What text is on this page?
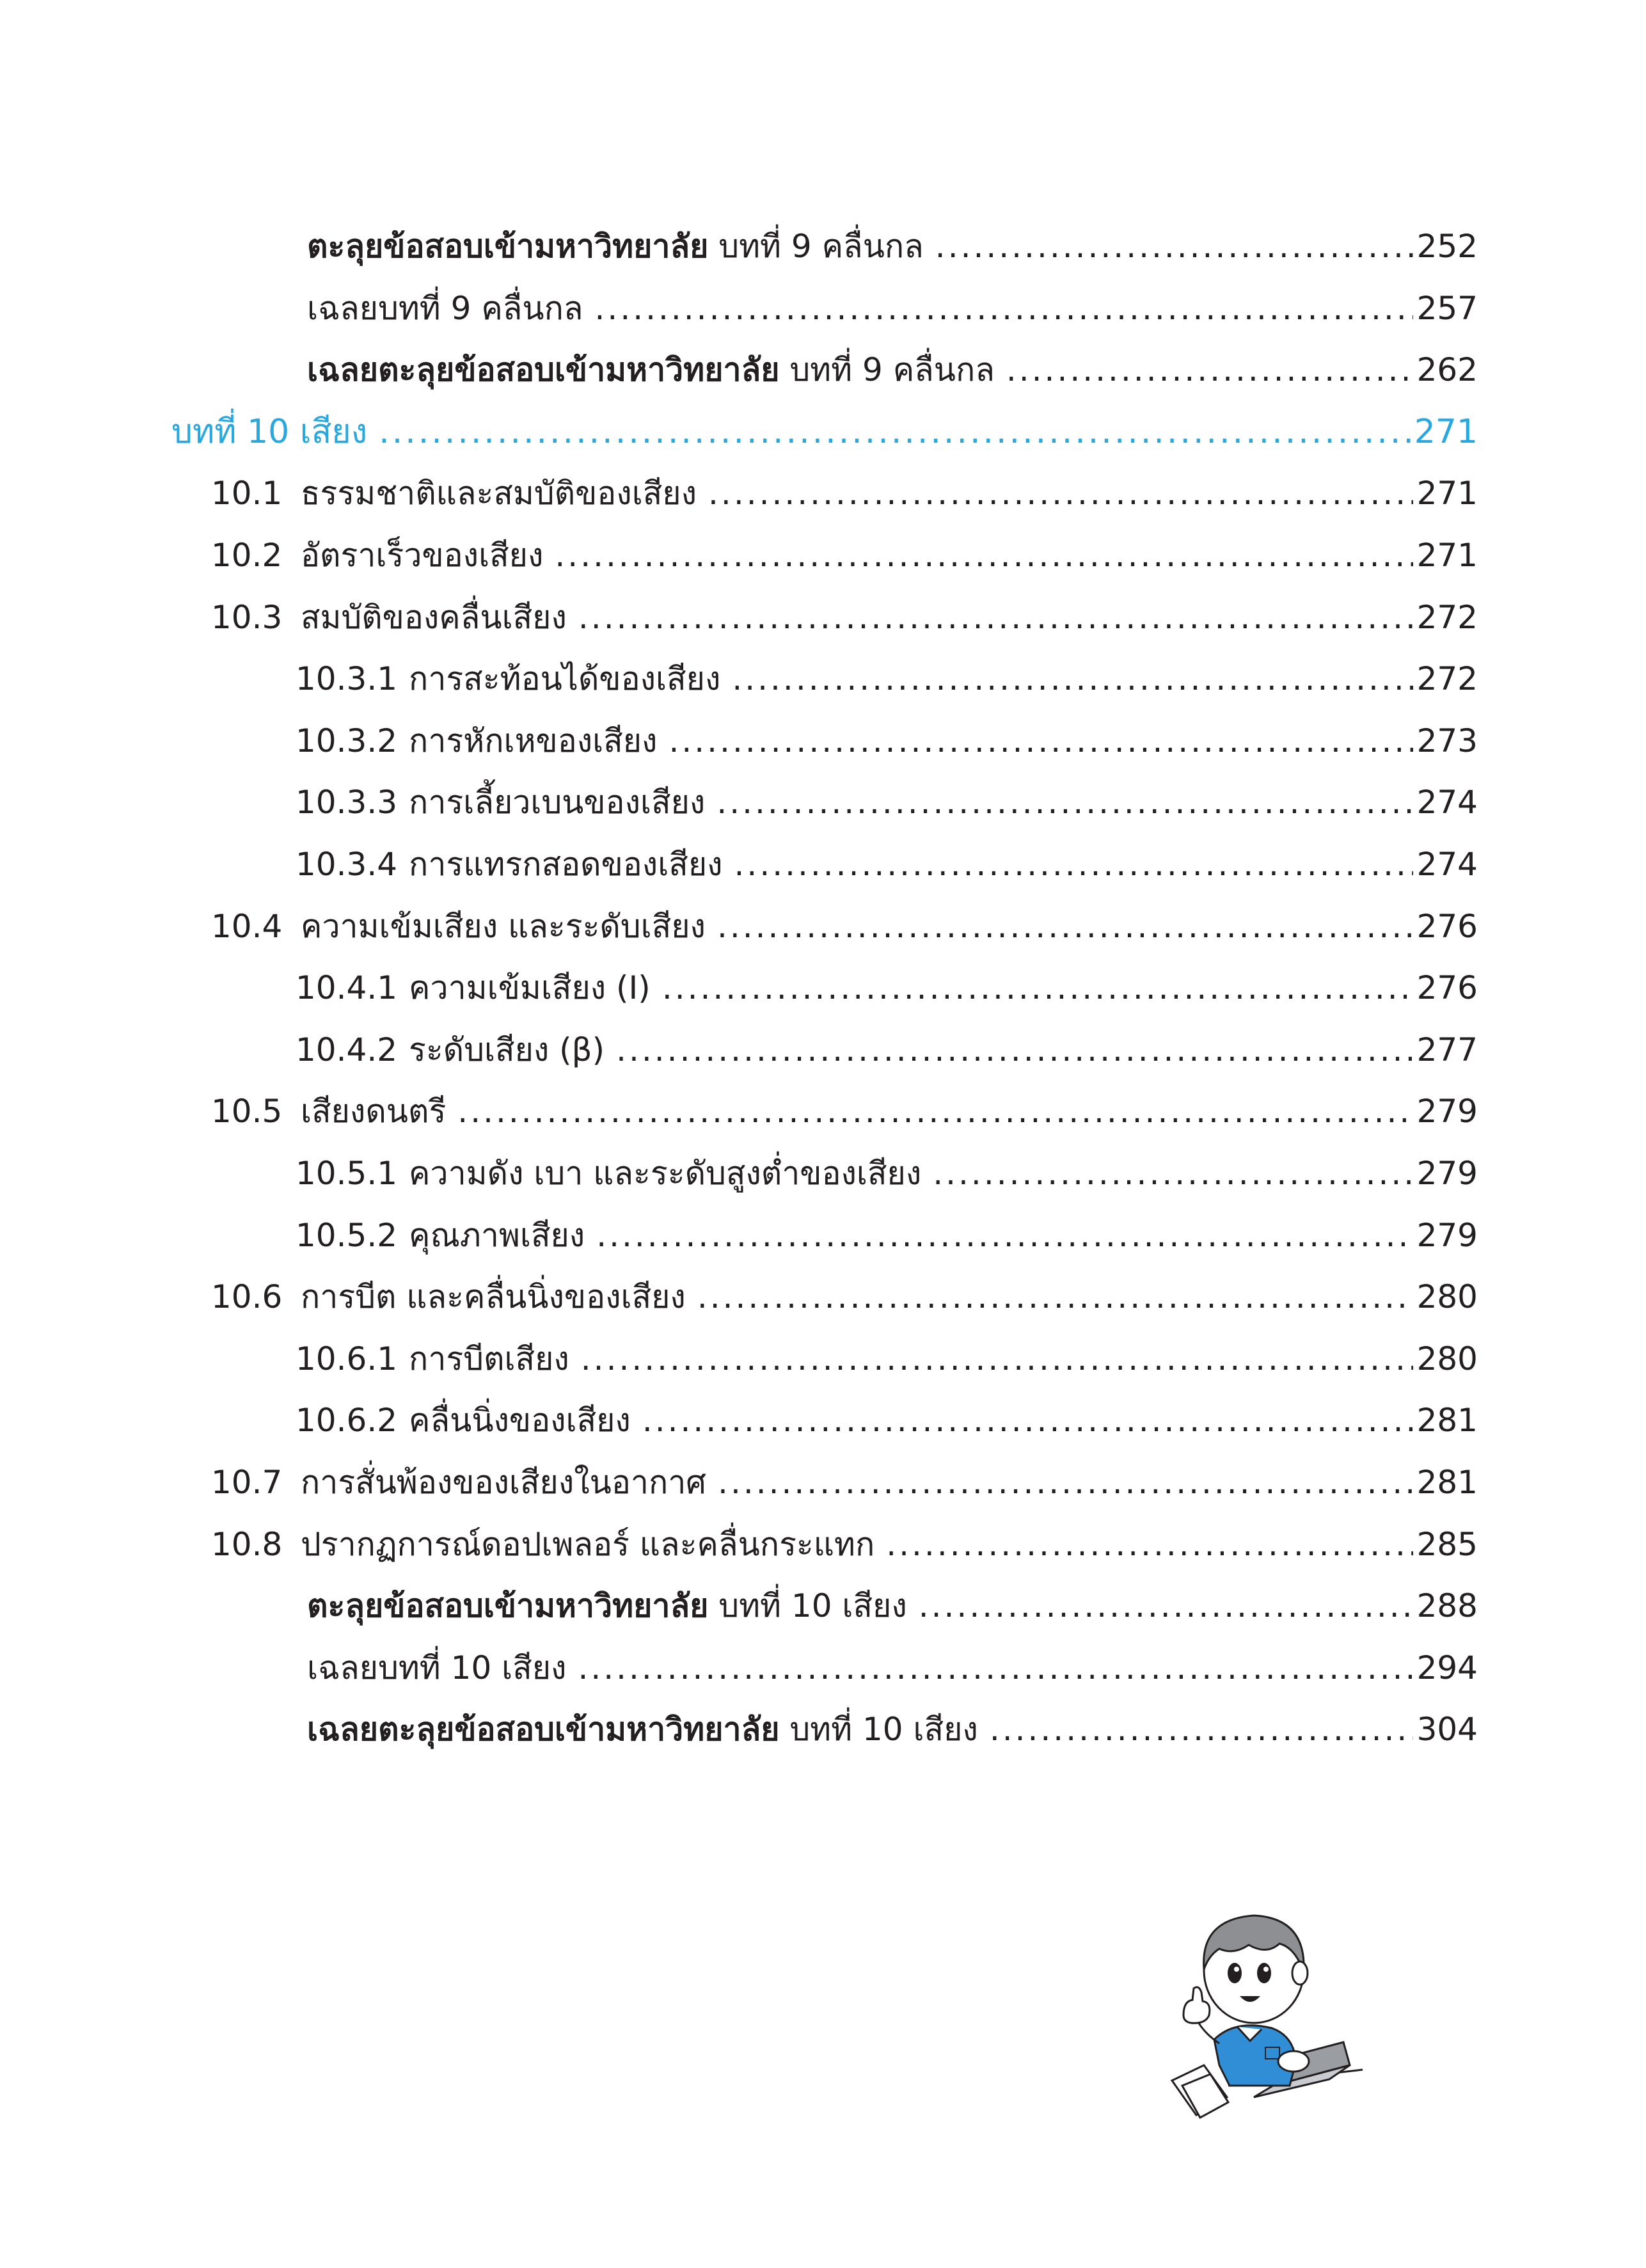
ตะลุยข้อสอบเข้ามหาวิทยาลัย บทที่ 9 คลื่นกล .....	252
เฉลยบทที่ 9 คลื่นกล .....	257
เฉลยตะลุยข้อสอบเข้ามหาวิทยาลัย บทที่ 9 คลื่นกล .....	262
บทที่ 10 เสียง .....	271
10.1 ธรรมชาติและสมบัติของเสียง .....	271
10.2 อัตราเร็วของเสียง .....	271
10.3 สมบัติของคลื่นเสียง .....	272
10.3.1 การสะท้อนได้ของเสียง .....	272
10.3.2 การหักเหของเสียง .....	273
10.3.3 การเลี้ยวเบนของเสียง .....	274
10.3.4 การแทรกสอดของเสียง .....	274
10.4 ความเข้มเสียง และระดับเสียง .....	276
10.4.1 ความเข้มเสียง (I) .....	276
10.4.2 ระดับเสียง (β) .....	277
10.5 เสียงดนตรี .....	279
10.5.1 ความดัง เบา และระดับสูงต่ำของเสียง .....	279
10.5.2 คุณภาพเสียง .....	279
10.6 การบีต และคลื่นนิ่งของเสียง .....	280
10.6.1 การบีตเสียง .....	280
10.6.2 คลื่นนิ่งของเสียง .....	281
10.7 การสั่นพ้องของเสียงในอากาศ .....	281
10.8 ปรากฏการณ์ดอปเพลอร์ และคลื่นกระแทก .....	285
ตะลุยข้อสอบเข้ามหาวิทยาลัย บทที่ 10 เสียง .....	288
เฉลยบทที่ 10 เสียง .....	294
เฉลยตะลุยข้อสอบเข้ามหาวิทยาลัย บทที่ 10 เสียง .....	304
